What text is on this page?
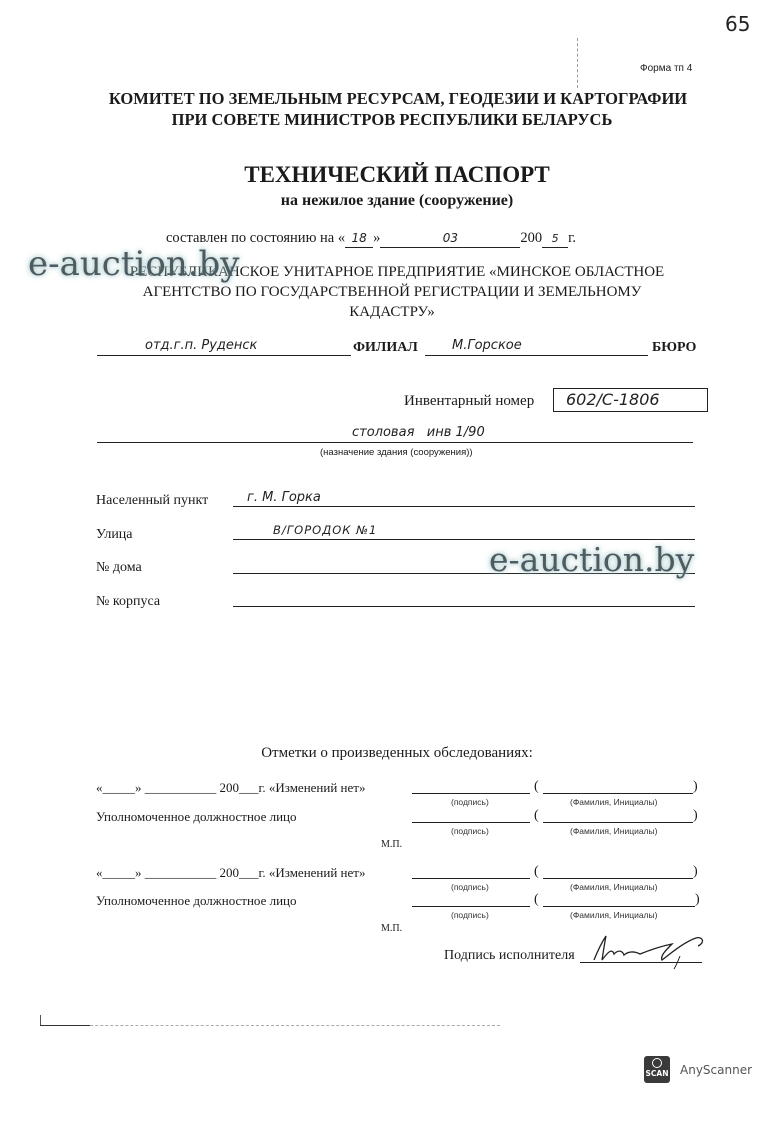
65
Форма тп 4
КОМИТЕТ ПО ЗЕМЕЛЬНЫМ РЕСУРСАМ, ГЕОДЕЗИИ И КАРТОГРАФИИ
ПРИ СОВЕТЕ МИНИСТРОВ РЕСПУБЛИКИ БЕЛАРУСЬ
ТЕХНИЧЕСКИЙ ПАСПОРТ
на нежилое здание (сооружение)
составлен по состоянию на « 18 »	03	200 5 г.
РЕСПУБЛИКАНСКОЕ УНИТАРНОЕ ПРЕДПРИЯТИЕ «МИНСКОЕ ОБЛАСТНОЕ
АГЕНТСТВО ПО ГОСУДАРСТВЕННОЙ РЕГИСТРАЦИИ И ЗЕМЕЛЬНОМУ
КАДАСТРУ»
e-auction.by
отд.г.п. Руденск	ФИЛИАЛ	М.Горское	БЮРО
Инвентарный номер 602/С-1806
столовая   инв 1/90
(назначение здания (сооружения))
Населенный пункт	г. М. Горка
Улица	В/ГОРОДОК №1
№ дома
№ корпуса
e-auction.by
Отметки о произведенных обследованиях:
«_____» ___________ 200___г. «Изменений нет»	(	)
(подпись)	(Фамилия, Инициалы)
Уполномоченное должностное лицо	(	)
(подпись)	(Фамилия, Инициалы)
М.П.
«_____» ___________ 200___г. «Изменений нет»	(	)
(подпись)	(Фамилия, Инициалы)
Уполномоченное должностное лицо	(	)
(подпись)	(Фамилия, Инициалы)
М.П.
Подпись исполнителя
SCAN AnyScanner
